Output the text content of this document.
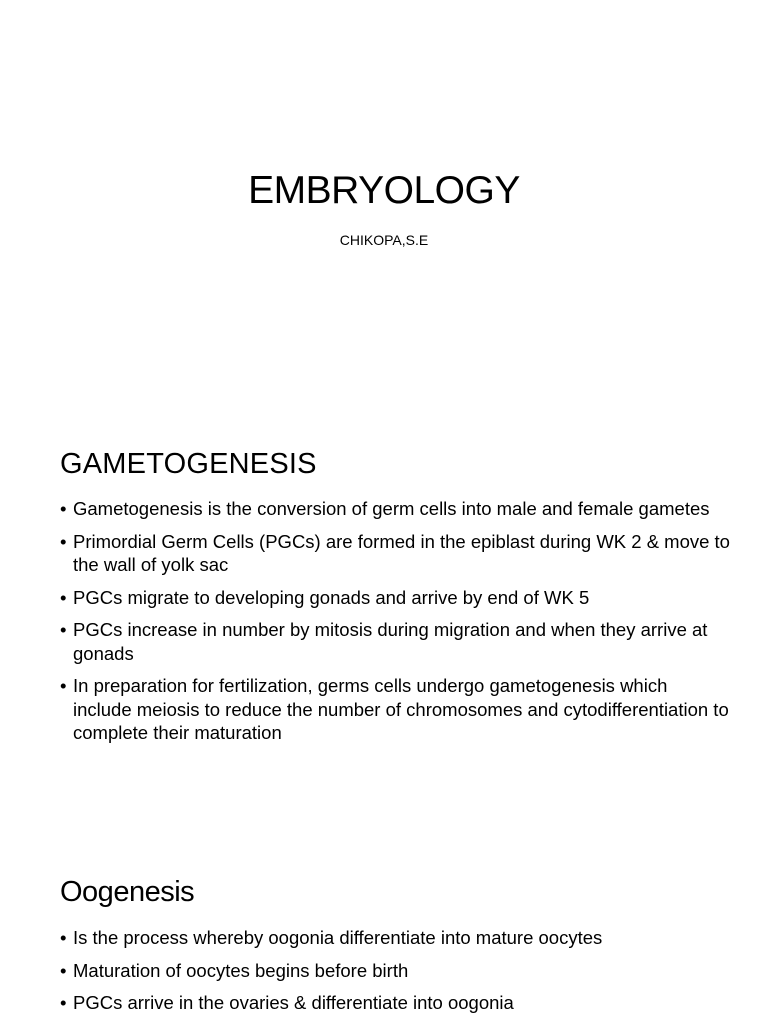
EMBRYOLOGY
CHIKOPA,S.E
GAMETOGENESIS
• Gametogenesis is the conversion of germ cells into male and female gametes
• Primordial Germ Cells (PGCs) are formed in the epiblast during WK 2 & move to the wall of yolk sac
• PGCs migrate to developing gonads and arrive by end of WK 5
• PGCs increase in number by mitosis during migration and when they arrive at gonads
• In preparation for fertilization, germs cells undergo gametogenesis which include meiosis to reduce the number of chromosomes and cytodifferentiation to complete their maturation
Oogenesis
• Is the process whereby oogonia differentiate into mature oocytes
• Maturation of oocytes begins before birth
• PGCs arrive in the ovaries & differentiate into oogonia
